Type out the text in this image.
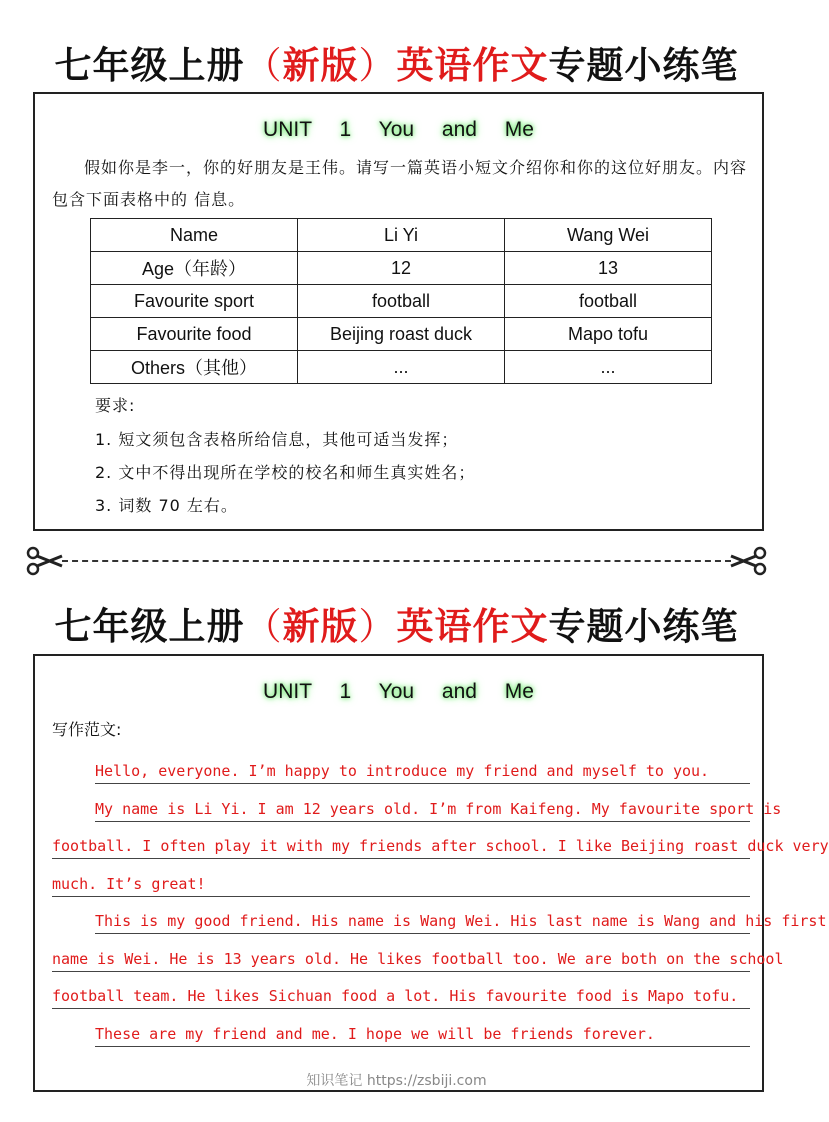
七年级上册（新版）英语作文专题小练笔
UNIT 1 You and Me
假如你是李一，你的好朋友是王伟。请写一篇英语小短文介绍你和你的这位好朋友。内容包含下面表格中的 信息。
Name	Li Yi	Wang Wei
Age（年龄）	12	13
Favourite sport	football	football
Favourite food	Beijing roast duck	Mapo tofu
Others（其他）	...	...
要求:
1. 短文须包含表格所给信息，其他可适当发挥；
2. 文中不得出现所在学校的校名和师生真实姓名；
3. 词数 70 左右。
七年级上册（新版）英语作文专题小练笔
UNIT 1 You and Me
写作范文:
Hello, everyone. I’m happy to introduce my friend and myself to you.
My name is Li Yi. I am 12 years old. I’m from Kaifeng. My favourite sport is
football. I often play it with my friends after school. I like Beijing roast duck very
much. It’s great!
This is my good friend. His name is Wang Wei. His last name is Wang and his first
name is Wei. He is 13 years old. He likes football too. We are both on the school
football team. He likes Sichuan food a lot. His favourite food is Mapo tofu.
These are my friend and me. I hope we will be friends forever.
知识笔记 https://zsbiji.com
